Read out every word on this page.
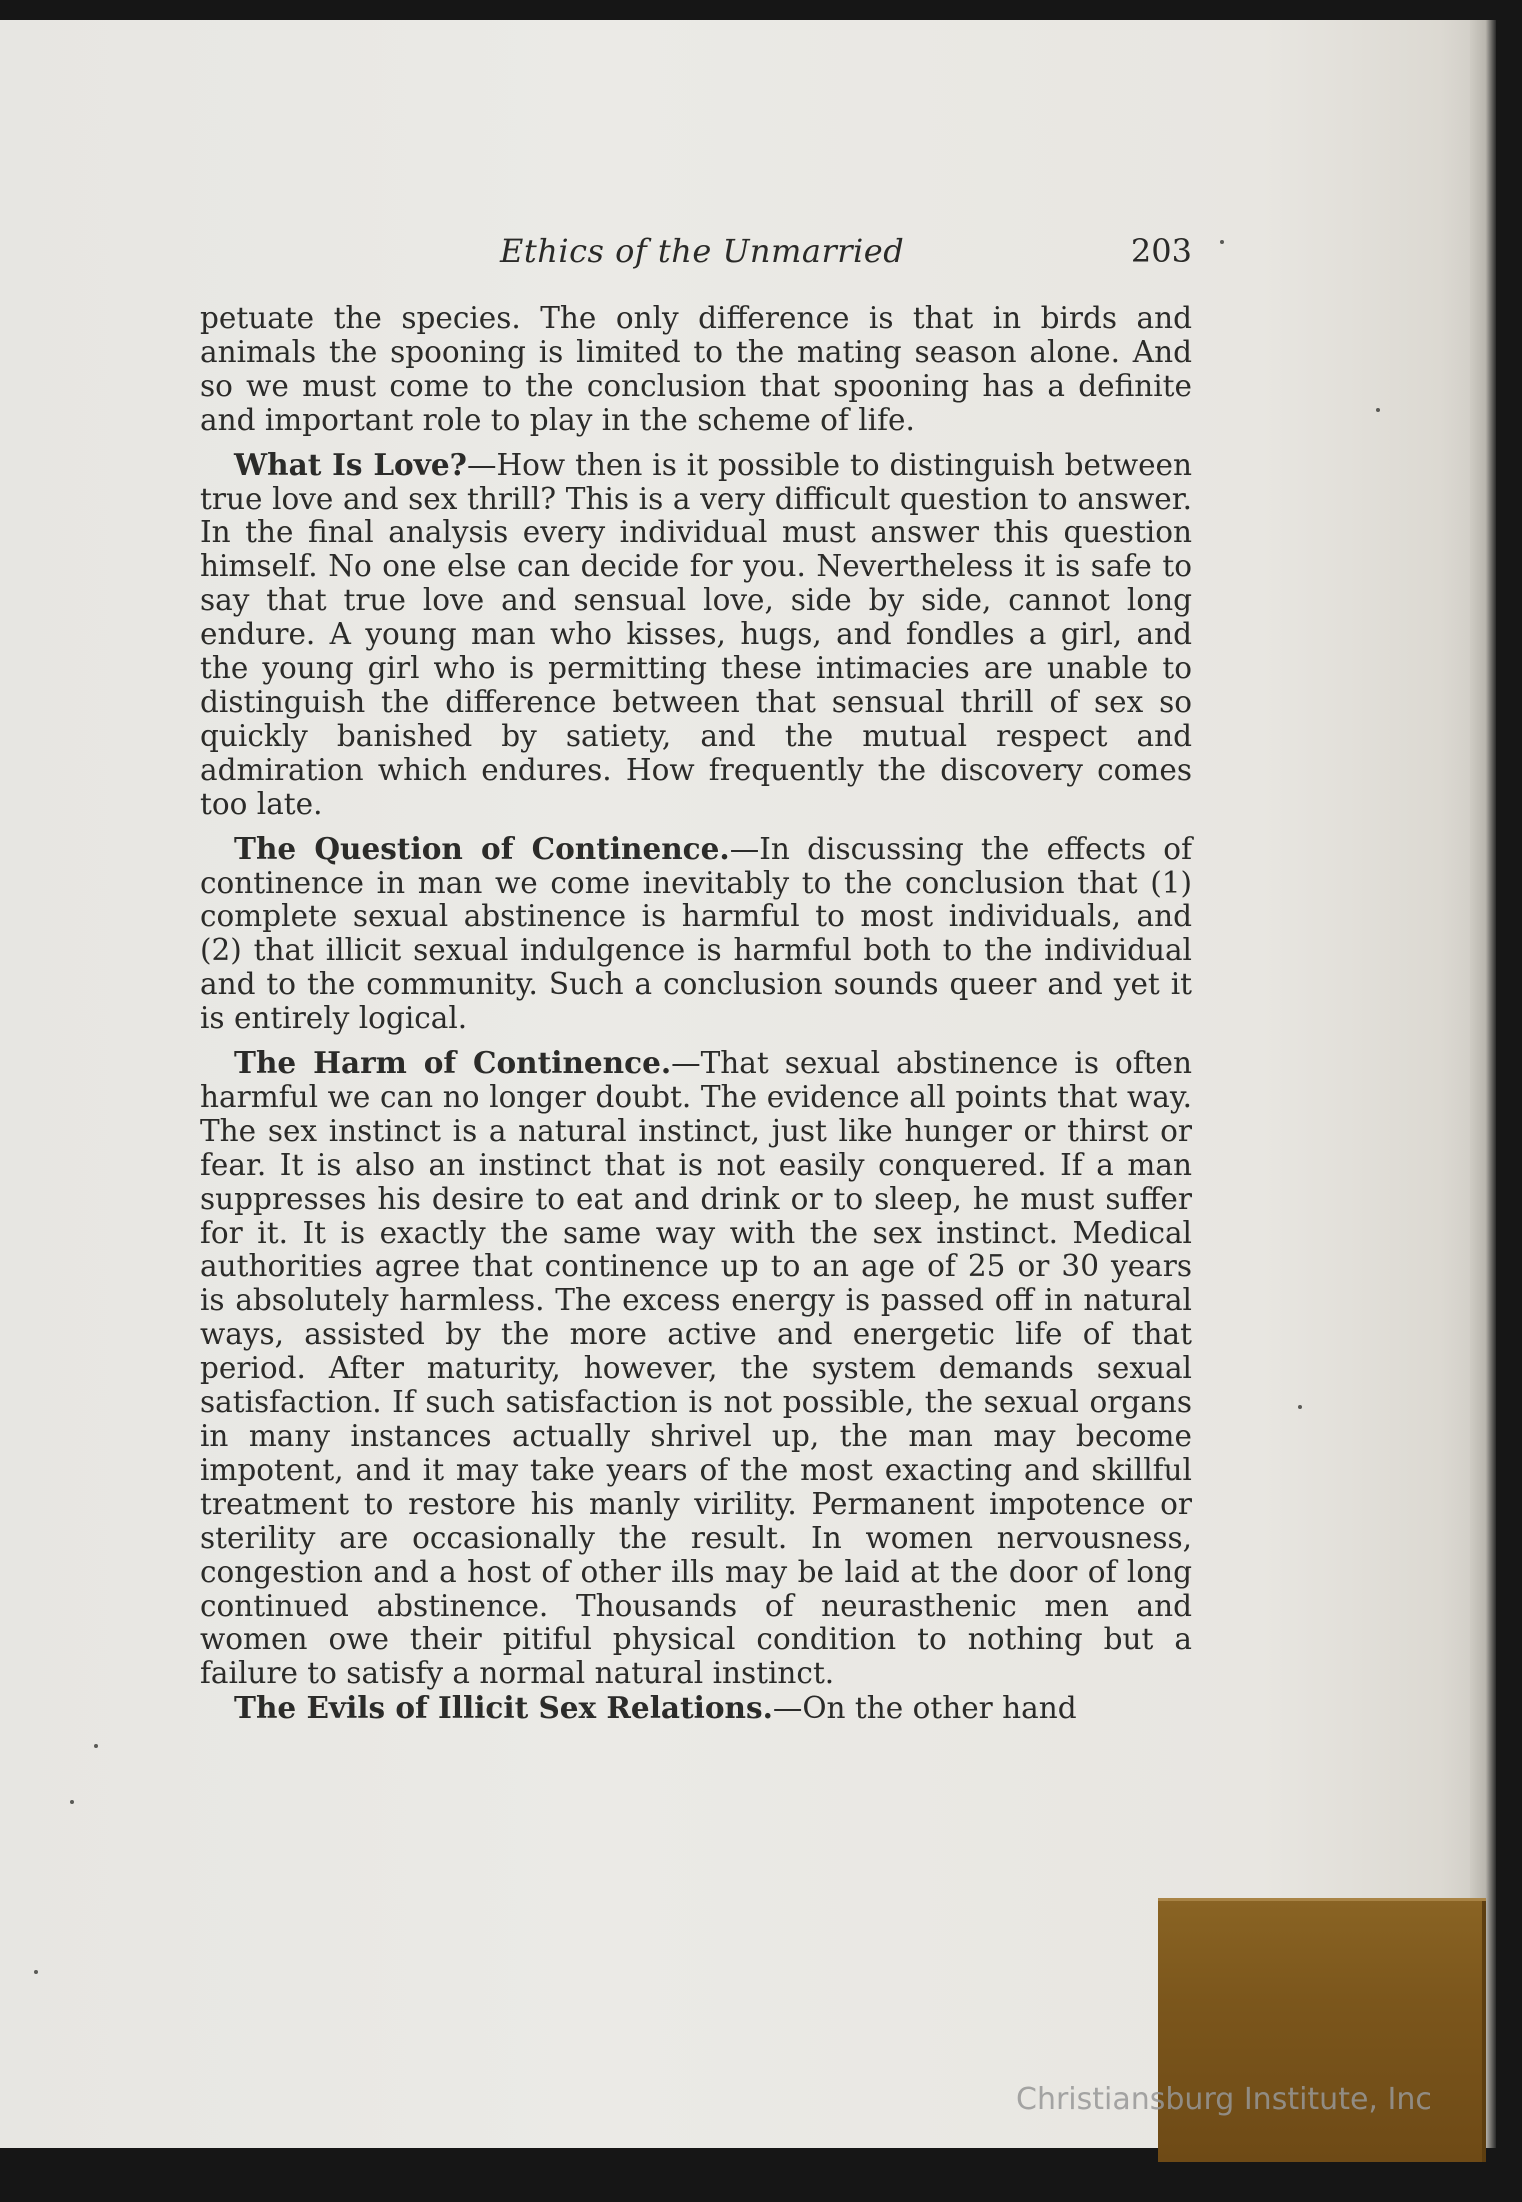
Ethics of the Unmarried	203

petuate the species. The only difference is that in birds and animals the spooning is limited to the mating season alone. And so we must come to the conclusion that spooning has a definite and important role to play in the scheme of life.

What Is Love?—How then is it possible to distinguish between true love and sex thrill? This is a very difficult question to answer. In the final analysis every individual must answer this question himself. No one else can decide for you. Nevertheless it is safe to say that true love and sensual love, side by side, cannot long endure. A young man who kisses, hugs, and fondles a girl, and the young girl who is permitting these intimacies are unable to distinguish the difference between that sensual thrill of sex so quickly banished by satiety, and the mutual respect and admiration which endures. How frequently the discovery comes too late.

The Question of Continence.—In discussing the effects of continence in man we come inevitably to the conclusion that (1) complete sexual abstinence is harmful to most individuals, and (2) that illicit sexual indulgence is harmful both to the individual and to the community. Such a conclusion sounds queer and yet it is entirely logical.

The Harm of Continence.—That sexual abstinence is often harmful we can no longer doubt. The evidence all points that way. The sex instinct is a natural instinct, just like hunger or thirst or fear. It is also an instinct that is not easily conquered. If a man suppresses his desire to eat and drink or to sleep, he must suffer for it. It is exactly the same way with the sex instinct. Medical authorities agree that continence up to an age of 25 or 30 years is absolutely harmless. The excess energy is passed off in natural ways, assisted by the more active and energetic life of that period. After maturity, however, the system demands sexual satisfaction. If such satisfaction is not possible, the sexual organs in many instances actually shrivel up, the man may become impotent, and it may take years of the most exacting and skillful treatment to restore his manly virility. Permanent impotence or sterility are occasionally the result. In women nervousness, congestion and a host of other ills may be laid at the door of long continued abstinence. Thousands of neurasthenic men and women owe their pitiful physical condition to nothing but a failure to satisfy a normal natural instinct.

The Evils of Illicit Sex Relations.—On the other hand

Christiansburg Institute, Inc
